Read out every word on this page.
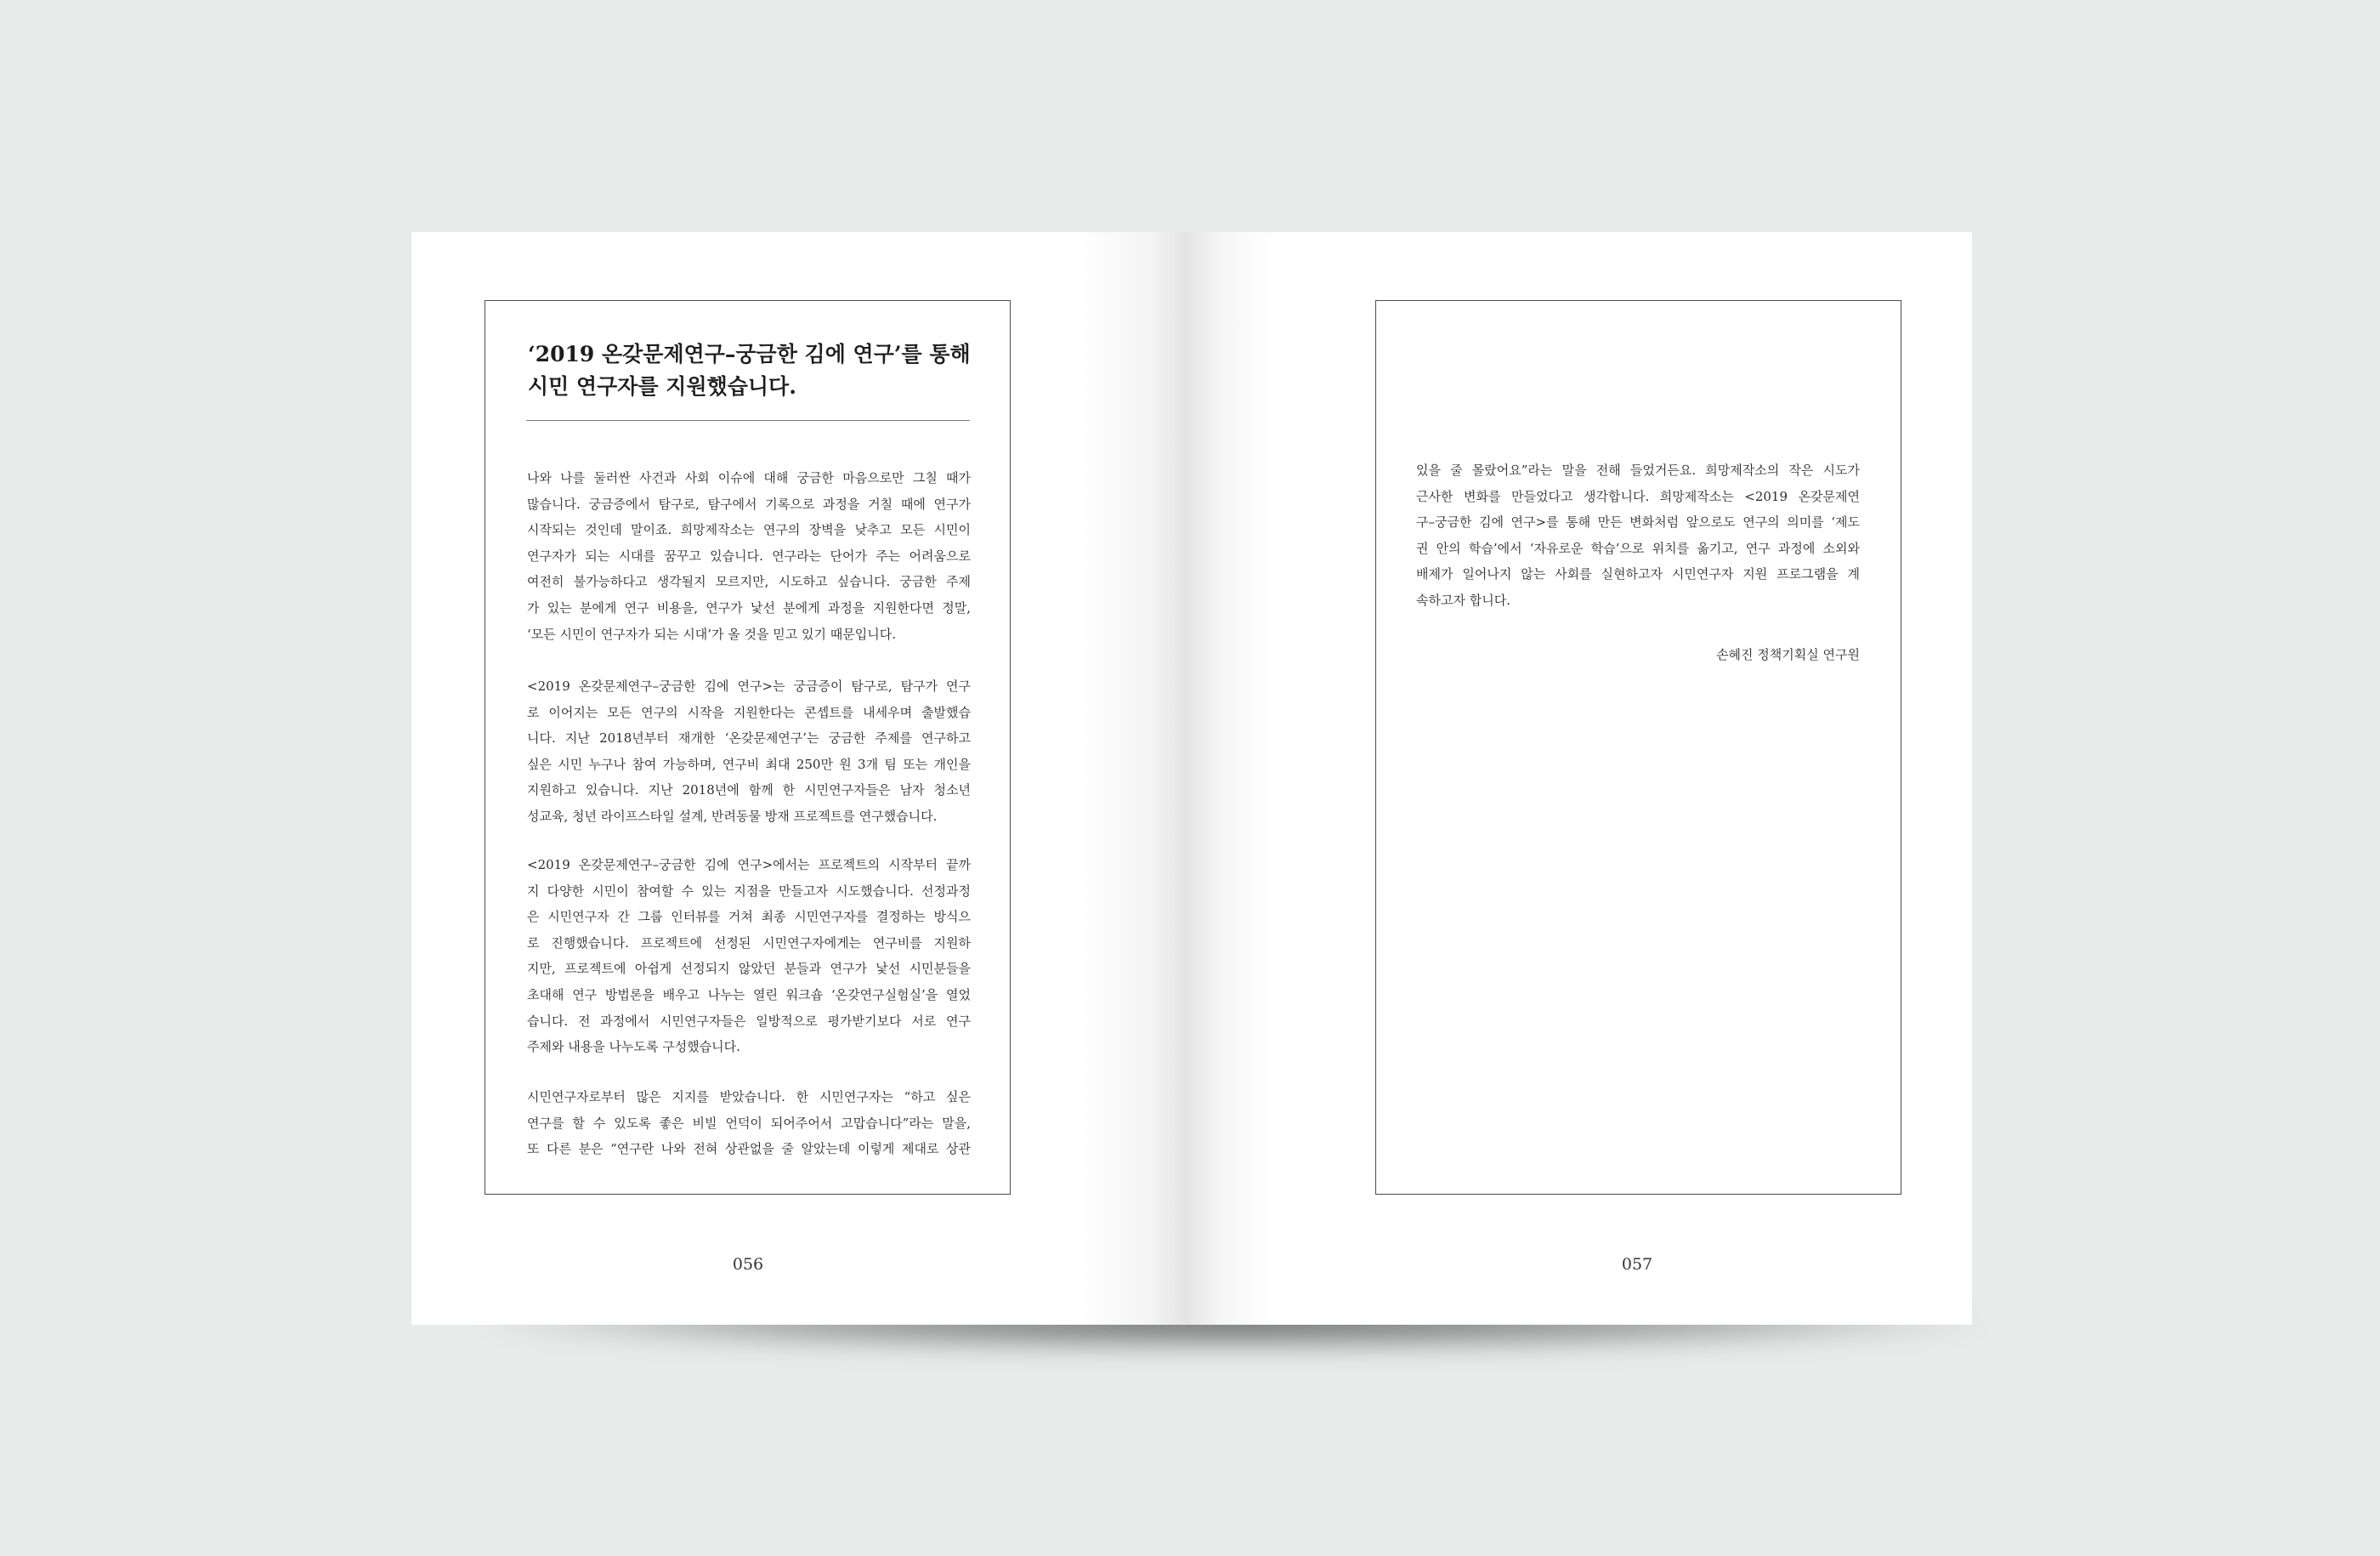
‘2019 온갖문제연구–궁금한 김에 연구’를 통해
시민 연구자를 지원했습니다.

나와 나를 둘러싼 사건과 사회 이슈에 대해 궁금한 마음으로만 그칠 때가
많습니다. 궁금증에서 탐구로, 탐구에서 기록으로 과정을 거칠 때에 연구가
시작되는 것인데 말이죠. 희망제작소는 연구의 장벽을 낮추고 모든 시민이
연구자가 되는 시대를 꿈꾸고 있습니다. 연구라는 단어가 주는 어려움으로
여전히 불가능하다고 생각될지 모르지만, 시도하고 싶습니다. 궁금한 주제
가 있는 분에게 연구 비용을, 연구가 낯선 분에게 과정을 지원한다면 정말,
‘모든 시민이 연구자가 되는 시대’가 올 것을 믿고 있기 때문입니다.

<2019 온갖문제연구–궁금한 김에 연구>는 궁금증이 탐구로, 탐구가 연구
로 이어지는 모든 연구의 시작을 지원한다는 콘셉트를 내세우며 출발했습
니다. 지난 2018년부터 재개한 ‘온갖문제연구’는 궁금한 주제를 연구하고
싶은 시민 누구나 참여 가능하며, 연구비 최대 250만 원 3개 팀 또는 개인을
지원하고 있습니다. 지난 2018년에 함께 한 시민연구자들은 남자 청소년
성교육, 청년 라이프스타일 설계, 반려동물 방재 프로젝트를 연구했습니다.

<2019 온갖문제연구–궁금한 김에 연구>에서는 프로젝트의 시작부터 끝까
지 다양한 시민이 참여할 수 있는 지점을 만들고자 시도했습니다. 선정과정
은 시민연구자 간 그룹 인터뷰를 거쳐 최종 시민연구자를 결정하는 방식으
로 진행했습니다. 프로젝트에 선정된 시민연구자에게는 연구비를 지원하
지만, 프로젝트에 아쉽게 선정되지 않았던 분들과 연구가 낯선 시민분들을
초대해 연구 방법론을 배우고 나누는 열린 워크숍 ‘온갖연구실험실’을 열었
습니다. 전 과정에서 시민연구자들은 일방적으로 평가받기보다 서로 연구
주제와 내용을 나누도록 구성했습니다.

시민연구자로부터 많은 지지를 받았습니다. 한 시민연구자는 “하고 싶은
연구를 할 수 있도록 좋은 비빌 언덕이 되어주어서 고맙습니다”라는 말을,
또 다른 분은 “연구란 나와 전혀 상관없을 줄 알았는데 이렇게 제대로 상관

056

있을 줄 몰랐어요”라는 말을 전해 들었거든요. 희망제작소의 작은 시도가
근사한 변화를 만들었다고 생각합니다. 희망제작소는 <2019 온갖문제연
구–궁금한 김에 연구>를 통해 만든 변화처럼 앞으로도 연구의 의미를 ‘제도
권 안의 학습’에서 ‘자유로운 학습’으로 위치를 옮기고, 연구 과정에 소외와
배제가 일어나지 않는 사회를 실현하고자 시민연구자 지원 프로그램을 계
속하고자 합니다.

손혜진 정책기획실 연구원

057
